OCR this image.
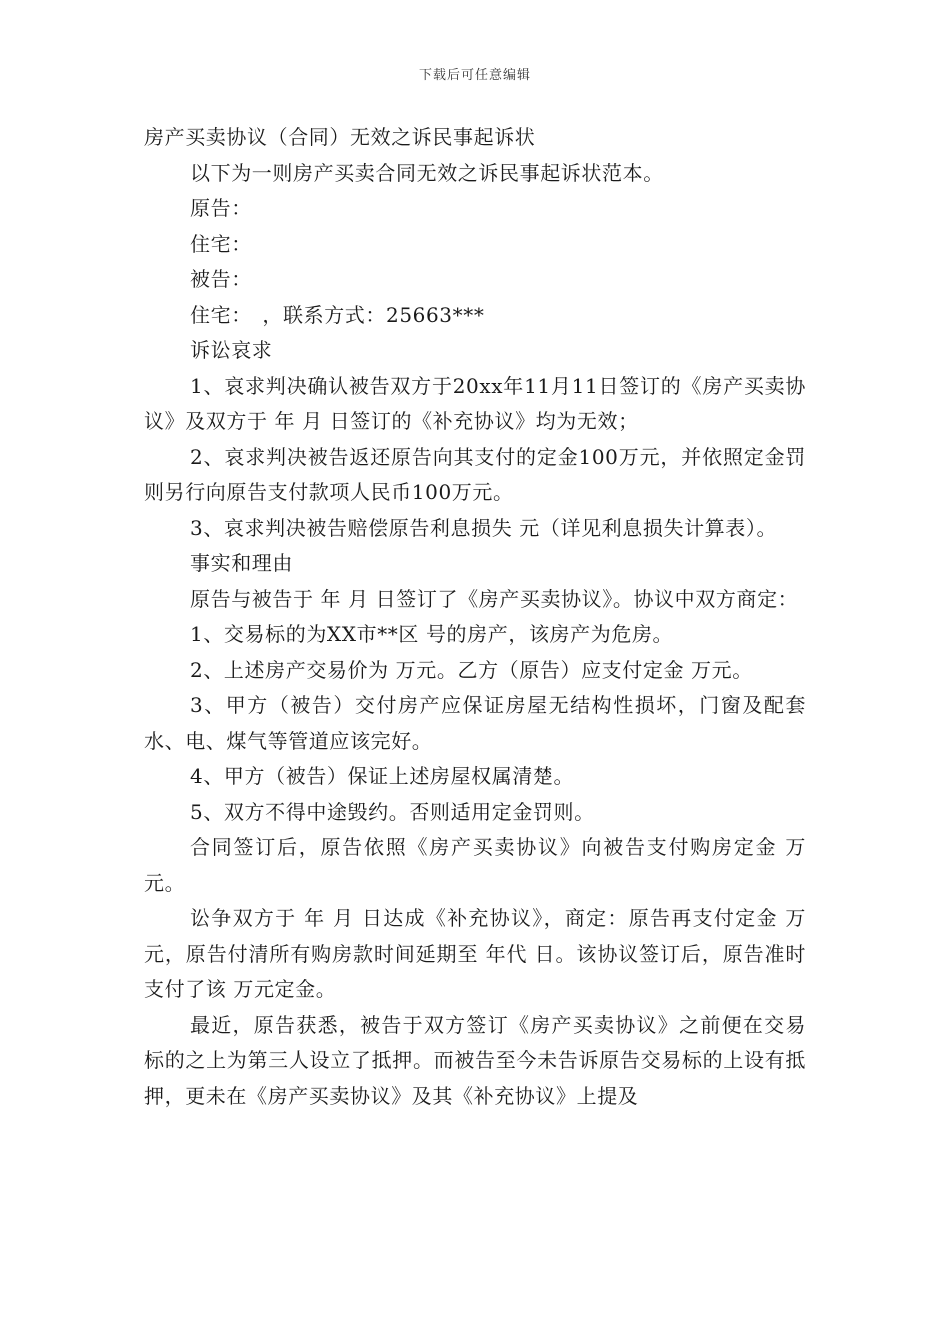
下载后可任意编辑

房产买卖协议（合同）无效之诉民事起诉状

以下为一则房产买卖合同无效之诉民事起诉状范本。

原告：

住宅：

被告：

住宅：　，联系方式：25663***

诉讼哀求

1、哀求判决确认被告双方于20xx年11月11日签订的《房产买卖协议》及双方于 年 月 日签订的《补充协议》均为无效；

2、哀求判决被告返还原告向其支付的定金100万元，并依照定金罚则另行向原告支付款项人民币100万元。

3、哀求判决被告赔偿原告利息损失 元（详见利息损失计算表）。

事实和理由

原告与被告于 年 月 日签订了《房产买卖协议》。协议中双方商定：

1、交易标的为XX市**区 号的房产，该房产为危房。

2、上述房产交易价为 万元。乙方（原告）应支付定金 万元。

3、甲方（被告）交付房产应保证房屋无结构性损坏，门窗及配套水、电、煤气等管道应该完好。

4、甲方（被告）保证上述房屋权属清楚。

5、双方不得中途毁约。否则适用定金罚则。

合同签订后，原告依照《房产买卖协议》向被告支付购房定金 万元。

讼争双方于 年 月 日达成《补充协议》，商定：原告再支付定金 万元，原告付清所有购房款时间延期至 年代 日。该协议签订后，原告准时支付了该 万元定金。

最近，原告获悉，被告于双方签订《房产买卖协议》之前便在交易标的之上为第三人设立了抵押。而被告至今未告诉原告交易标的上设有抵押，更未在《房产买卖协议》及其《补充协议》上提及
